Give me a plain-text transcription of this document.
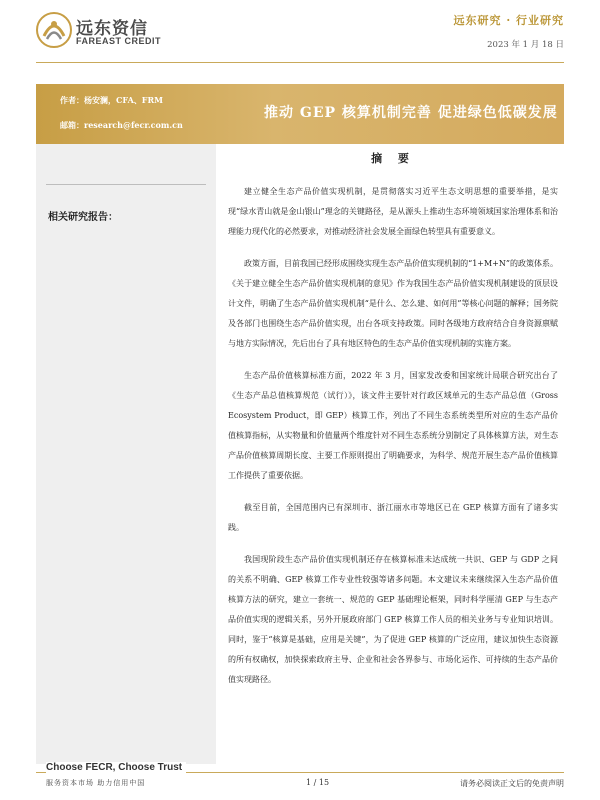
远东资信
FAREAST CREDIT
远东研究 · 行业研究
2023 年 1 月 18 日
作者：杨安澜，CFA、FRM
邮箱：research@fecr.com.cn
推动 GEP 核算机制完善 促进绿色低碳发展
相关研究报告：
摘 要

建立健全生态产品价值实现机制，是贯彻落实习近平生态文明思想的重要举措，是实现“绿水青山就是金山银山”理念的关键路径，是从源头上推动生态环境领域国家治理体系和治理能力现代化的必然要求，对推动经济社会发展全面绿色转型具有重要意义。

政策方面，目前我国已经形成围绕实现生态产品价值实现机制的“1+M+N”的政策体系。《关于建立健全生态产品价值实现机制的意见》作为我国生态产品价值实现机制建设的顶层设计文件，明确了生态产品价值实现机制“是什么、怎么建、如何用”等核心问题的解释；国务院及各部门也围绕生态产品价值实现，出台各项支持政策。同时各级地方政府结合自身资源禀赋与地方实际情况，先后出台了具有地区特色的生态产品价值实现机制的实施方案。

生态产品价值核算标准方面，2022 年 3 月，国家发改委和国家统计局联合研究出台了《生态产品总值核算规范（试行）》，该文件主要针对行政区域单元的生态产品总值（Gross Ecosystem Product，即 GEP）核算工作，列出了不同生态系统类型所对应的生态产品价值核算指标，从实物量和价值量两个维度针对不同生态系统分别制定了具体核算方法，对生态产品价值核算周期长度、主要工作原则提出了明确要求，为科学、规范开展生态产品价值核算工作提供了重要依据。

截至目前，全国范围内已有深圳市、浙江丽水市等地区已在 GEP 核算方面有了诸多实践。

我国现阶段生态产品价值实现机制还存在核算标准未达成统一共识、GEP 与 GDP 之间的关系不明确、GEP 核算工作专业性较强等诸多问题。本文建议未来继续深入生态产品价值核算方法的研究，建立一套统一、规范的 GEP 基础理论框架，同时科学厘清 GEP 与生态产品价值实现的逻辑关系，另外开展政府部门 GEP 核算工作人员的相关业务与专业知识培训。同时，鉴于“核算是基础，应用是关键”，为了促进 GEP 核算的广泛应用，建议加快生态资源的所有权确权，加快探索政府主导、企业和社会各界参与、市场化运作、可持续的生态产品价值实现路径。

Choose FECR, Choose Trust
服务资本市场 助力信用中国	1 / 15	请务必阅读正文后的免责声明
